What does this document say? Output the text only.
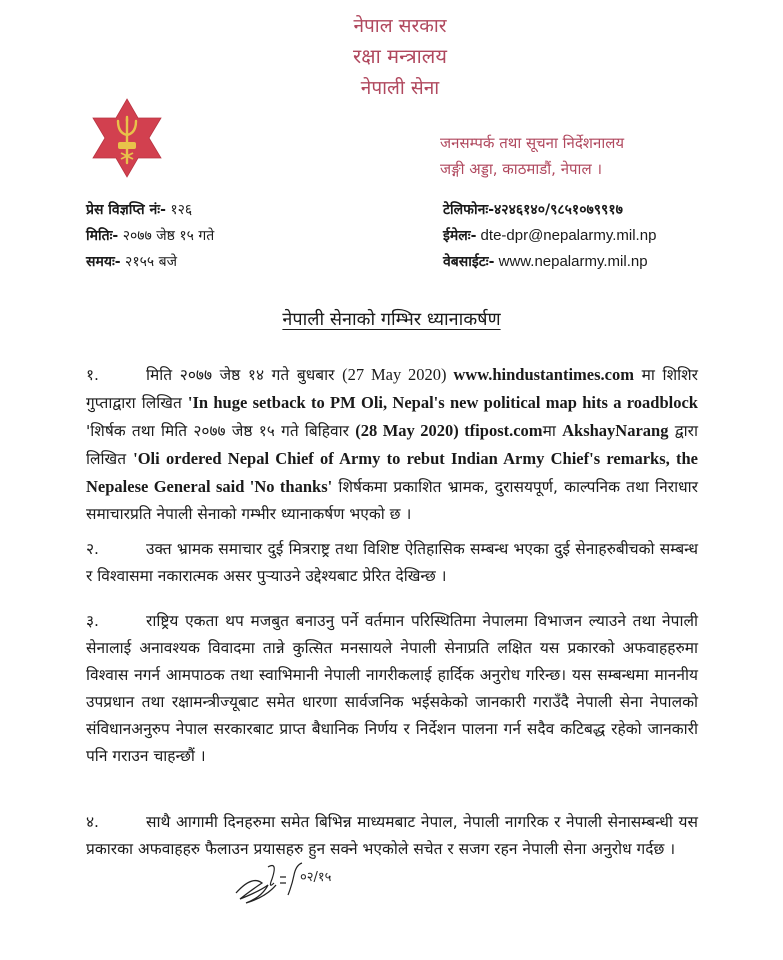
नेपाल सरकार
रक्षा मन्त्रालय
नेपाली सेना
जनसम्पर्क तथा सूचना निर्देशनालय
जङ्गी अड्डा, काठमाडौं, नेपाल ।
प्रेस विज्ञप्ति नंः- १२६
मितिः- २०७७ जेष्ठ १५ गते
समयः- २१५५ बजे
टेलिफोनः-४२४६१४०/९८५१०७९९१७
ईमेलः- dte-dpr@nepalarmy.mil.np
वेबसाईटः- www.nepalarmy.mil.np
नेपाली सेनाको गम्भिर ध्यानाकर्षण
१.	मिति २०७७ जेष्ठ १४ गते बुधबार (27 May 2020) www.hindustantimes.com मा शिशिर गुप्ताद्वारा लिखित 'In huge setback to PM Oli, Nepal's new political map hits a roadblock 'शिर्षक तथा मिति २०७७ जेष्ठ १५ गते बिहिवार (28 May 2020) tfipost.comमा AkshayNarang द्वारा लिखित 'Oli ordered Nepal Chief of Army to rebut Indian Army Chief's remarks, the Nepalese General said 'No thanks' शिर्षकमा प्रकाशित भ्रामक, दुरासयपूर्ण, काल्पनिक तथा निराधार समाचारप्रति नेपाली सेनाको गम्भीर ध्यानाकर्षण भएको छ ।
२.	उक्त भ्रामक समाचार दुई मित्रराष्ट्र तथा विशिष्ट ऐतिहासिक सम्बन्ध भएका दुई सेनाहरुबीचको सम्बन्ध र विश्वासमा नकारात्मक असर पुऱ्याउने उद्देश्यबाट प्रेरित देखिन्छ ।
३.	राष्ट्रिय एकता थप मजबुत बनाउनु पर्ने वर्तमान परिस्थितिमा नेपालमा विभाजन ल्याउने तथा नेपाली सेनालाई अनावश्यक विवादमा तान्ने कुत्सित मनसायले नेपाली सेनाप्रति लक्षित यस प्रकारको अफवाहहरुमा विश्वास नगर्न आमपाठक तथा स्वाभिमानी नेपाली नागरीकलाई हार्दिक अनुरोध गरिन्छ। यस सम्बन्धमा माननीय उपप्रधान तथा रक्षामन्त्रीज्यूबाट समेत धारणा सार्वजनिक भईसकेको जानकारी गराउँदै नेपाली सेना नेपालको संविधानअनुरुप नेपाल सरकारबाट प्राप्त बैधानिक निर्णय र निर्देशन पालना गर्न सदैव कटिबद्ध रहेको जानकारी पनि गराउन चाहन्छौं ।
४.	साथै आगामी दिनहरुमा समेत बिभिन्न माध्यमबाट नेपाल, नेपाली नागरिक र नेपाली सेनासम्बन्धी यस प्रकारका अफवाहहरु फैलाउन प्रयासहरु हुन सक्ने भएकोले सचेत र सजग रहन नेपाली सेना अनुरोध गर्दछ ।
०२/१५
